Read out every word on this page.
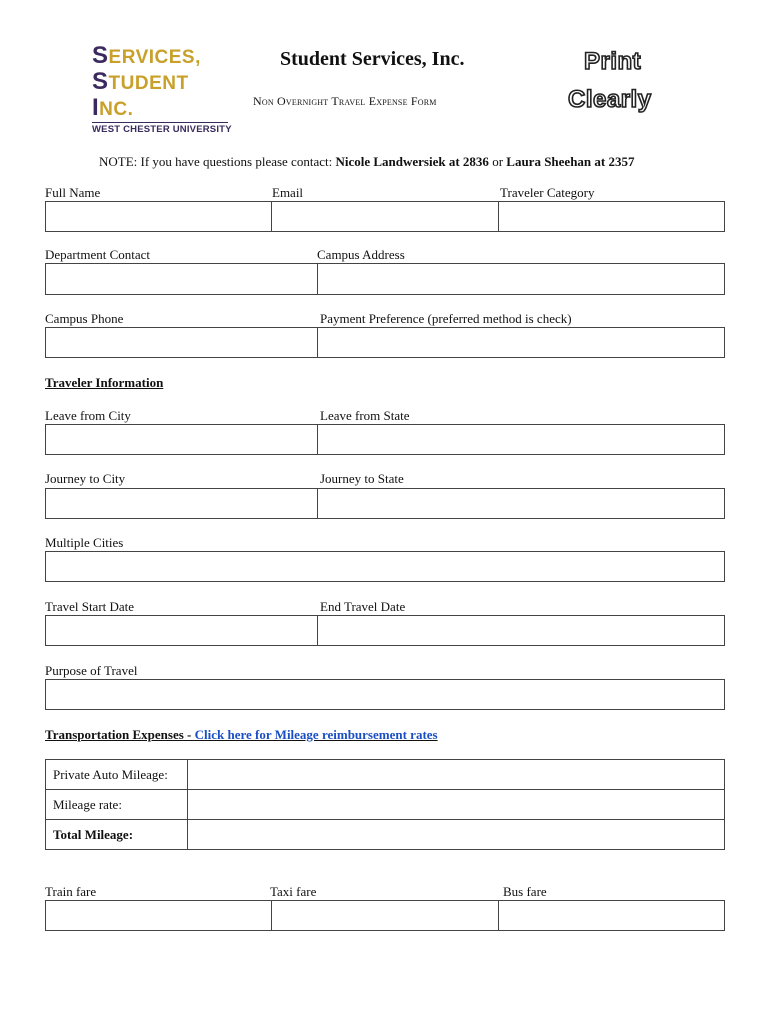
SERVICES,
STUDENT
INC.
WEST CHESTER UNIVERSITY
Student Services, Inc.
Non Overnight Travel Expense Form
Print
Clearly
NOTE: If you have questions please contact: Nicole Landwersiek at 2836 or Laura Sheehan at 2357
Full Name	Email	Traveler Category
Department Contact	Campus Address
Campus Phone	Payment Preference (preferred method is check)
Traveler Information
Leave from City	Leave from State
Journey to City	Journey to State
Multiple Cities
Travel Start Date	End Travel Date
Purpose of Travel
Transportation Expenses - Click here for Mileage reimbursement rates
Private Auto Mileage:	
Mileage rate:	
Total Mileage:	
Train fare	Taxi fare	Bus fare
